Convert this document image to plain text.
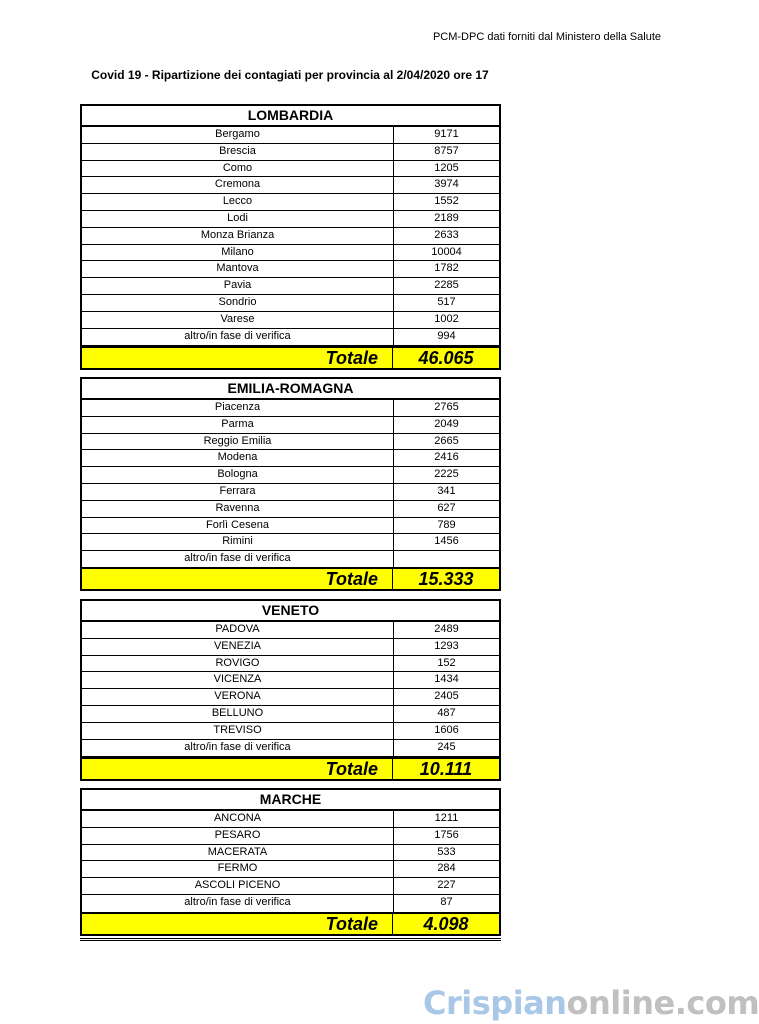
PCM-DPC dati forniti dal Ministero della Salute
Covid 19 - Ripartizione dei contagiati per provincia al 2/04/2020 ore 17
LOMBARDIA
Bergamo	9171
Brescia	8757
Como	1205
Cremona	3974
Lecco	1552
Lodi	2189
Monza Brianza	2633
Milano	10004
Mantova	1782
Pavia	2285
Sondrio	517
Varese	1002
altro/in fase di verifica	994
Totale	46.065
EMILIA-ROMAGNA
Piacenza	2765
Parma	2049
Reggio Emilia	2665
Modena	2416
Bologna	2225
Ferrara	341
Ravenna	627
Forlì Cesena	789
Rimini	1456
altro/in fase di verifica
Totale	15.333
VENETO
PADOVA	2489
VENEZIA	1293
ROVIGO	152
VICENZA	1434
VERONA	2405
BELLUNO	487
TREVISO	1606
altro/in fase di verifica	245
Totale	10.111
MARCHE
ANCONA	1211
PESARO	1756
MACERATA	533
FERMO	284
ASCOLI PICENO	227
altro/in fase di verifica	87
Totale	4.098
Crispianonline.com
